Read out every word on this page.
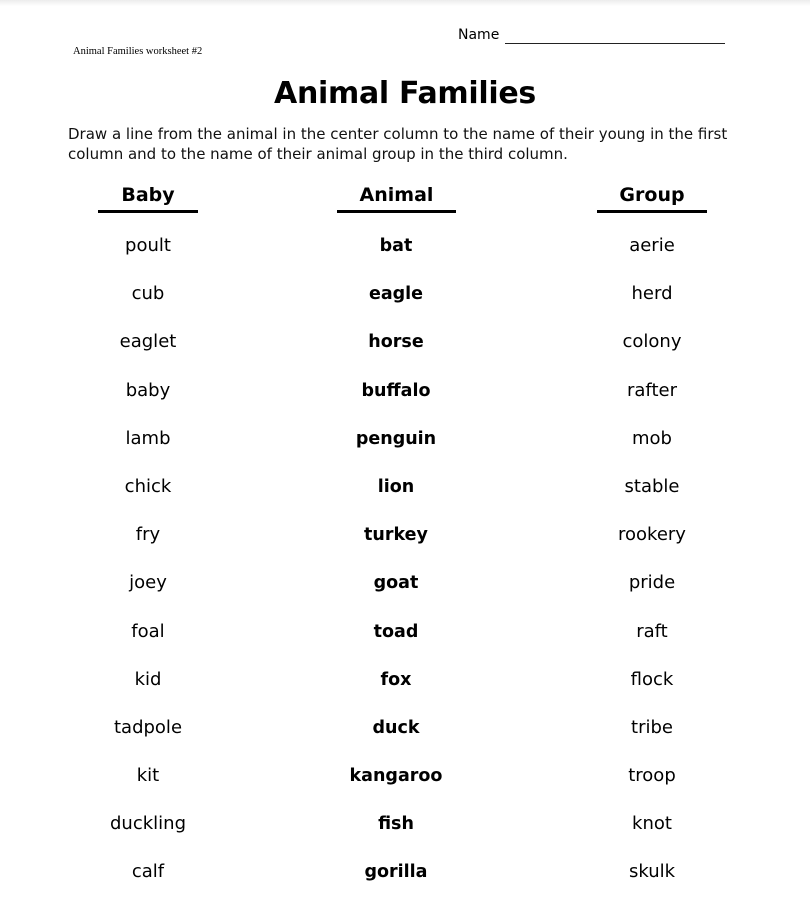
Name
Animal Families worksheet #2
Animal Families
Draw a line from the animal in the center column to the name of their young in the first column and to the name of their animal group in the third column.
Baby	Animal	Group
poult
cub
eaglet
baby
lamb
chick
fry
joey
foal
kid
tadpole
kit
duckling
calf
bat
eagle
horse
buffalo
penguin
lion
turkey
goat
toad
fox
duck
kangaroo
fish
gorilla
aerie
herd
colony
rafter
mob
stable
rookery
pride
raft
flock
tribe
troop
knot
skulk
